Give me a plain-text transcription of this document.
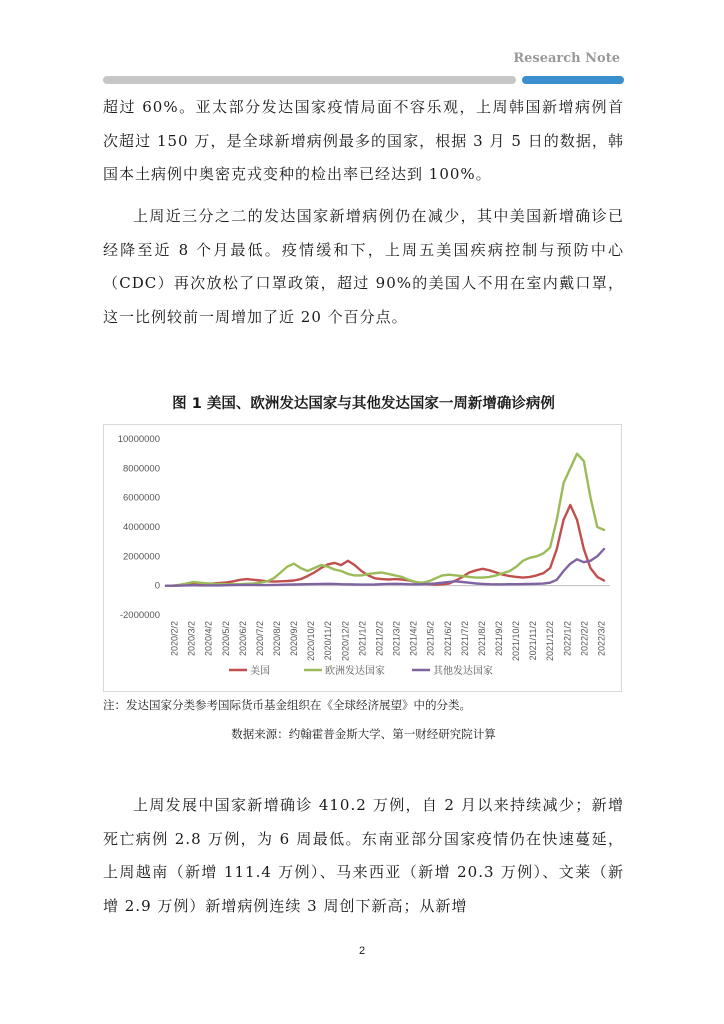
Research Note

超过 60%。亚太部分发达国家疫情局面不容乐观，上周韩国新增病例首次超过 150 万，是全球新增病例最多的国家，根据 3 月 5 日的数据，韩国本土病例中奥密克戎变种的检出率已经达到 100%。

上周近三分之二的发达国家新增病例仍在减少，其中美国新增确诊已经降至近 8 个月最低。疫情缓和下，上周五美国疾病控制与预防中心（CDC）再次放松了口罩政策，超过 90%的美国人不用在室内戴口罩，这一比例较前一周增加了近 20 个百分点。

图 1 美国、欧洲发达国家与其他发达国家一周新增确诊病例
10000000
8000000
6000000
4000000
2000000
0
-2000000
2020/2/2 2020/3/2 2020/4/2 2020/5/2 2020/6/2 2020/7/2 2020/8/2 2020/9/2 2020/10/2 2020/11/2 2020/12/2 2021/1/2 2021/2/2 2021/3/2 2021/4/2 2021/5/2 2021/6/2 2021/7/2 2021/8/2 2021/9/2 2021/10/2 2021/11/2 2021/12/2 2022/1/2 2022/2/2 2022/3/2
美国	欧洲发达国家	其他发达国家
注：发达国家分类参考国际货币基金组织在《全球经济展望》中的分类。
数据来源：约翰霍普金斯大学、第一财经研究院计算

上周发展中国家新增确诊 410.2 万例，自 2 月以来持续减少；新增死亡病例 2.8 万例，为 6 周最低。东南亚部分国家疫情仍在快速蔓延，上周越南（新增 111.4 万例）、马来西亚（新增 20.3 万例）、文莱（新增 2.9 万例）新增病例连续 3 周创下新高；从新增

2
